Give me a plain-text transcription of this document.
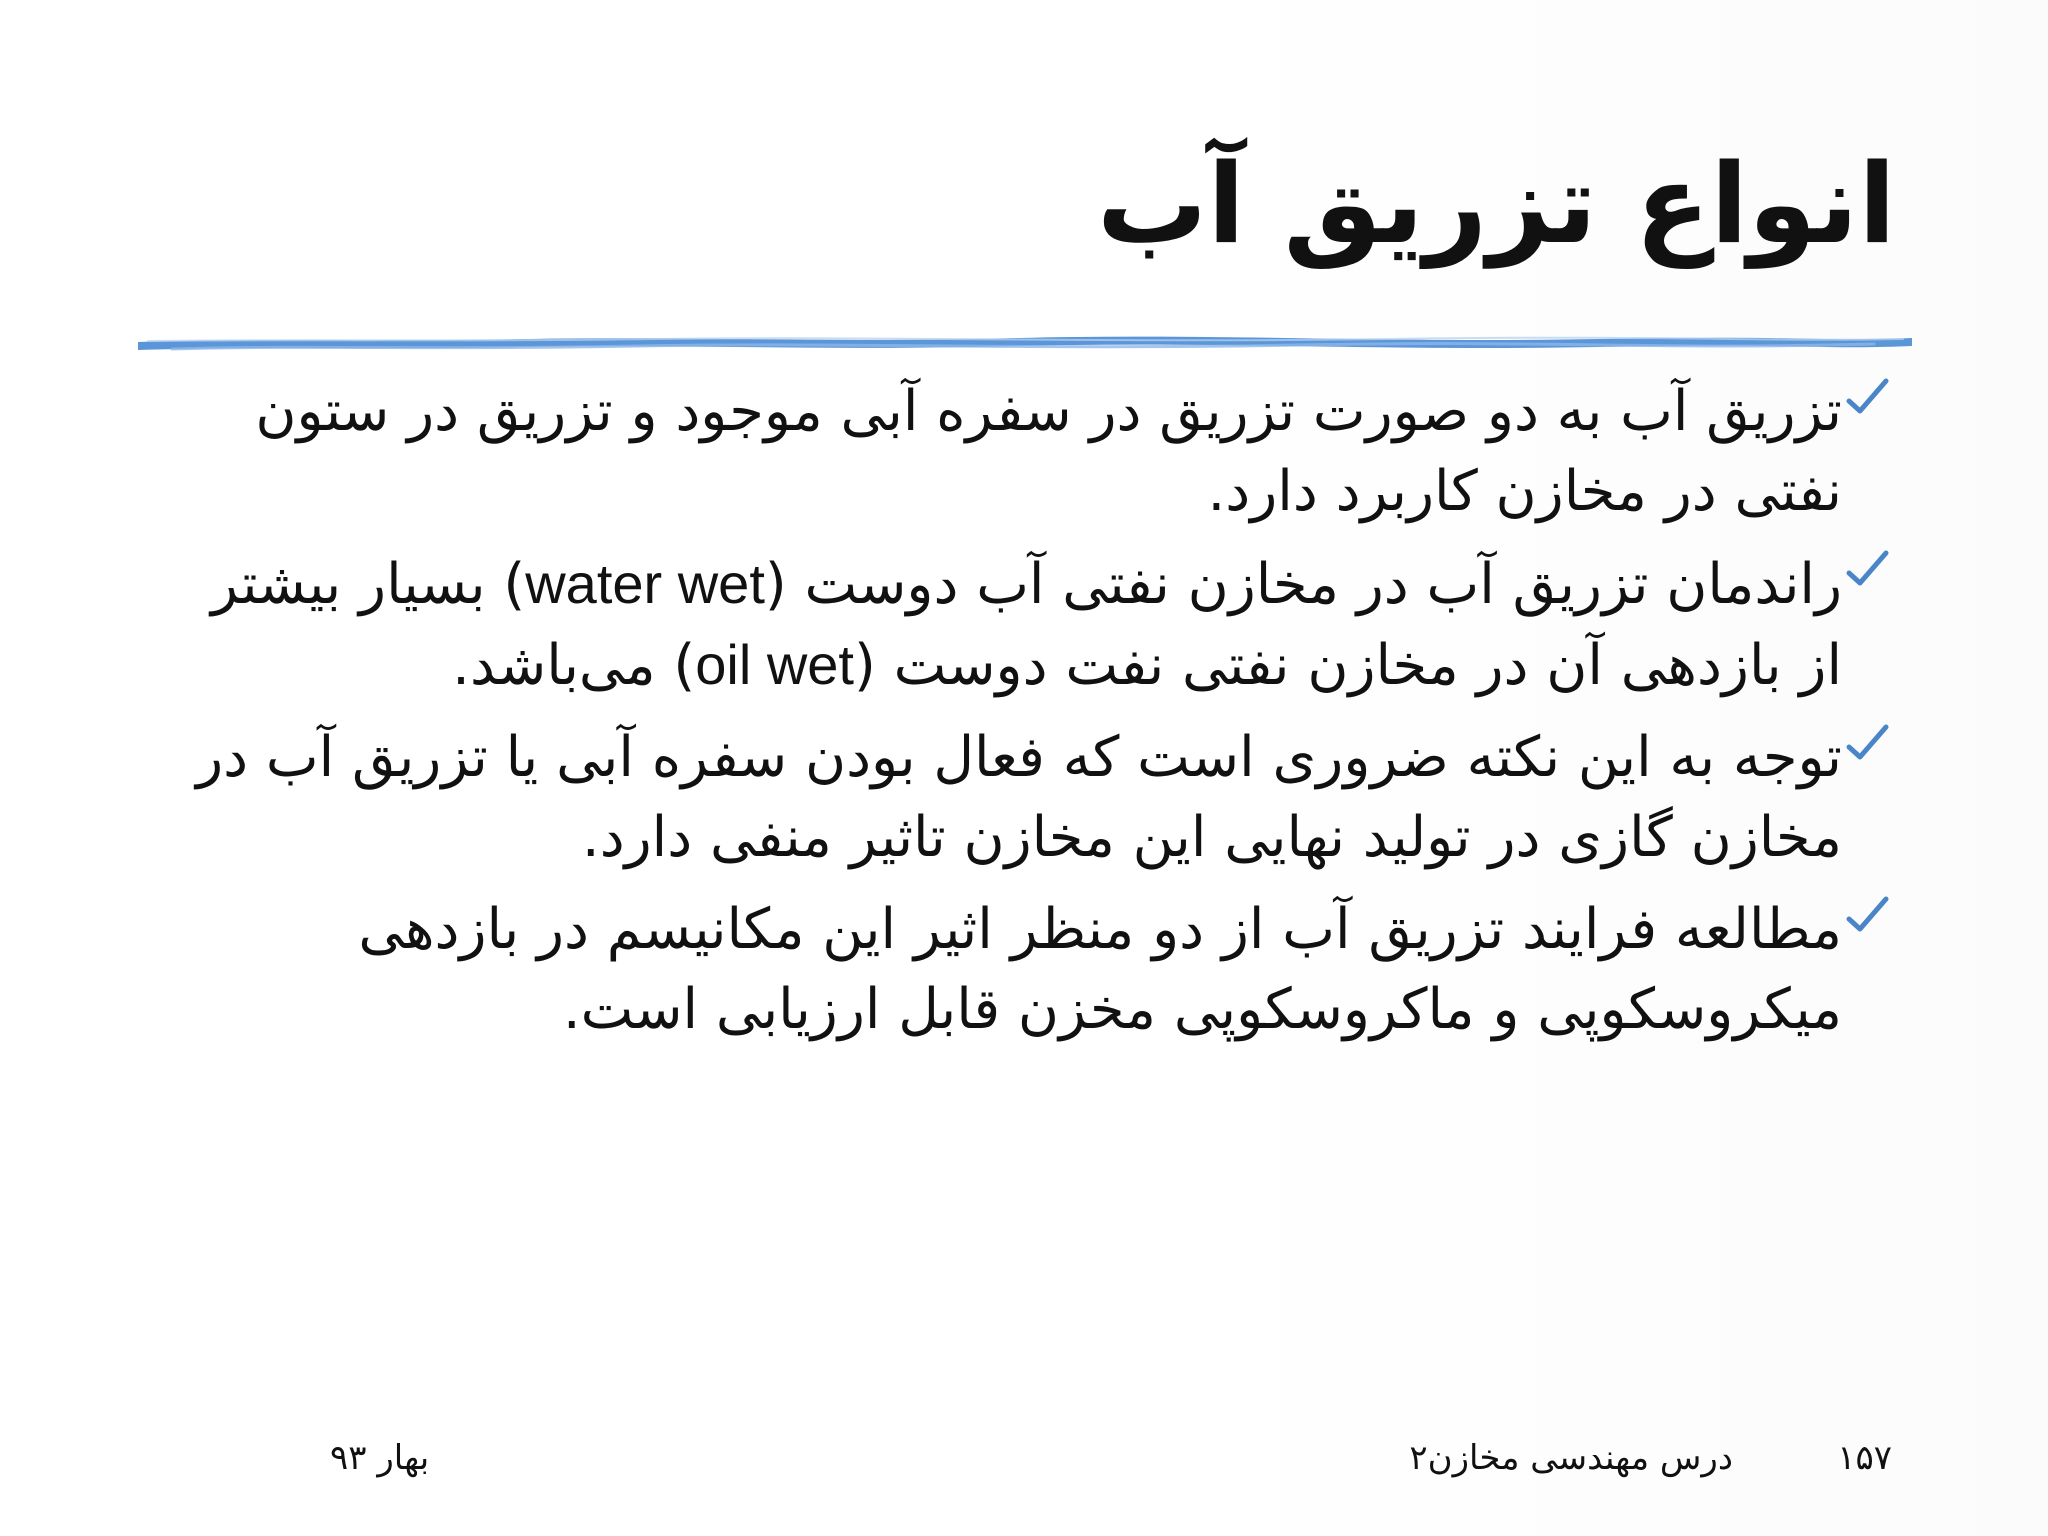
انواع تزریق آب
تزریق آب به دو صورت تزریق در سفره آبی موجود و تزریق در ستون نفتی در مخازن کاربرد دارد.
راندمان تزریق آب در مخازن نفتی آب دوست (water wet) بسیار بیشتر از بازدهی آن در مخازن نفتی نفت دوست (oil wet) می‌باشد.
توجه به این نکته ضروری است که فعال بودن سفره آبی یا تزریق آب در مخازن گازی در تولید نهایی این مخازن تاثیر منفی دارد.
مطالعه فرایند تزریق آب از دو منظر اثیر این مکانیسم در بازدهی میکروسکوپی و ماکروسکوپی مخزن قابل ارزیابی است.
بهار ۹۳	درس مهندسی مخازن۲	۱۵۷
